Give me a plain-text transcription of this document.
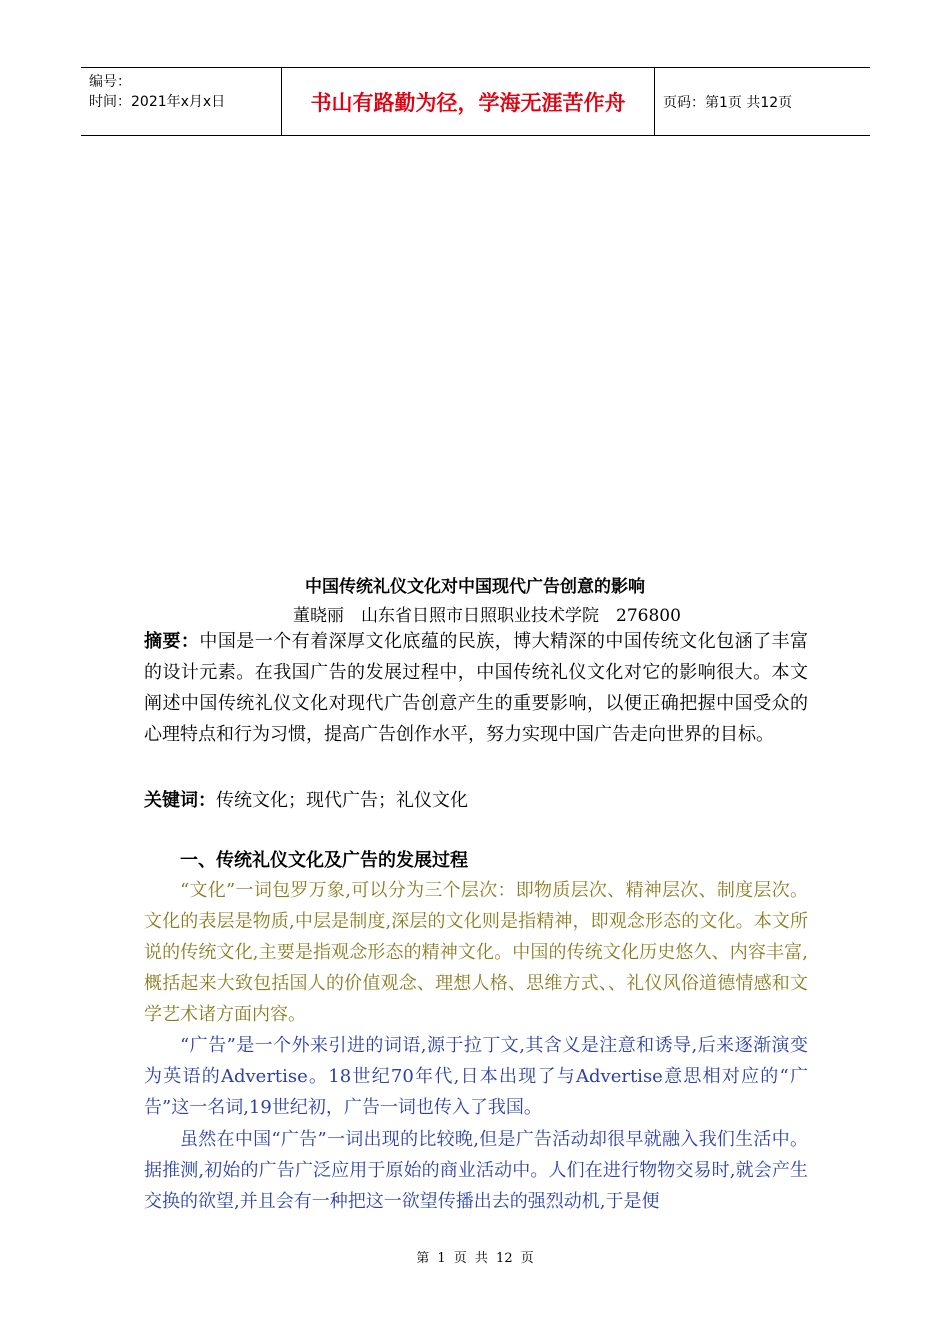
编号：
时间：2021年x月x日	书山有路勤为径，学海无涯苦作舟	页码：第1页 共12页
中国传统礼仪文化对中国现代广告创意的影响
董晓丽　山东省日照市日照职业技术学院　276800

摘要：中国是一个有着深厚文化底蕴的民族，博大精深的中国传统文化包涵了丰富的设计元素。在我国广告的发展过程中，中国传统礼仪文化对它的影响很大。本文阐述中国传统礼仪文化对现代广告创意产生的重要影响，以便正确把握中国受众的心理特点和行为习惯，提高广告创作水平，努力实现中国广告走向世界的目标。

关键词：传统文化；现代广告；礼仪文化

一、传统礼仪文化及广告的发展过程

“文化”一词包罗万象,可以分为三个层次：即物质层次、精神层次、制度层次。文化的表层是物质,中层是制度,深层的文化则是指精神，即观念形态的文化。本文所说的传统文化,主要是指观念形态的精神文化。中国的传统文化历史悠久、内容丰富,概括起来大致包括国人的价值观念、理想人格、思维方式、、礼仪风俗道德情感和文学艺术诸方面内容。

“广告”是一个外来引进的词语,源于拉丁文,其含义是注意和诱导,后来逐渐演变为英语的Advertise。18世纪70年代,日本出现了与Advertise意思相对应的“广告”这一名词,19世纪初，广告一词也传入了我国。

虽然在中国“广告”一词出现的比较晚,但是广告活动却很早就融入我们生活中。据推测,初始的广告广泛应用于原始的商业活动中。人们在进行物物交易时,就会产生交换的欲望,并且会有一种把这一欲望传播出去的强烈动机,于是便

第 1 页 共 12 页
